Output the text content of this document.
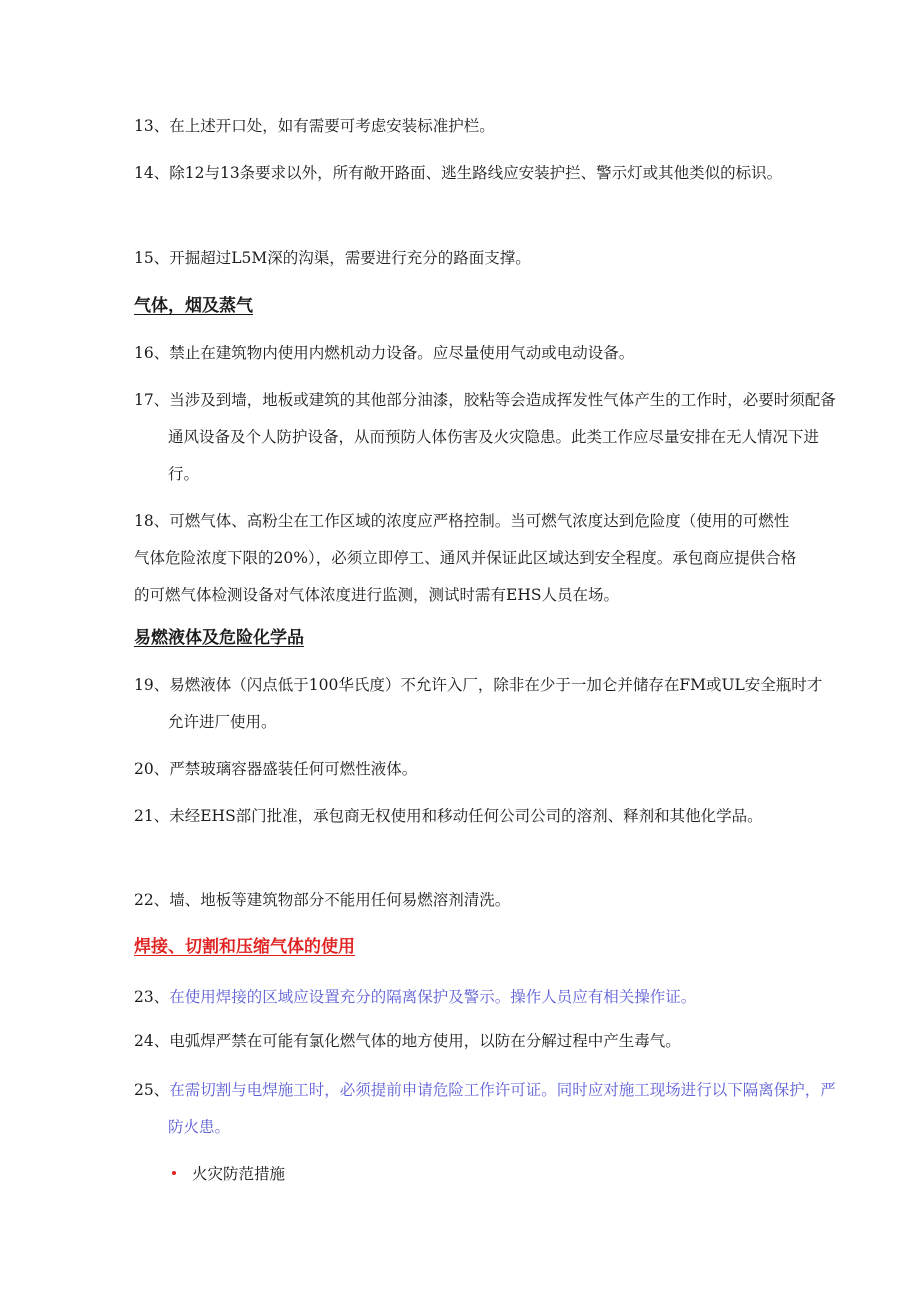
13、在上述开口处，如有需要可考虑安装标准护栏。

14、除12与13条要求以外，所有敞开路面、逃生路线应安装护拦、警示灯或其他类似的标识。

15、开掘超过L5M深的沟渠，需要进行充分的路面支撑。

气体，烟及蒸气

16、禁止在建筑物内使用内燃机动力设备。应尽量使用气动或电动设备。

17、当涉及到墙，地板或建筑的其他部分油漆，胶粘等会造成挥发性气体产生的工作时，必要时须配备通风设备及个人防护设备，从而预防人体伤害及火灾隐患。此类工作应尽量安排在无人情况下进行。

18、可燃气体、高粉尘在工作区域的浓度应严格控制。当可燃气浓度达到危险度（使用的可燃性气体危险浓度下限的20%），必须立即停工、通风并保证此区域达到安全程度。承包商应提供合格的可燃气体检测设备对气体浓度进行监测，测试时需有EHS人员在场。

易燃液体及危险化学品

19、易燃液体（闪点低于100华氏度）不允许入厂，除非在少于一加仑并储存在FM或UL安全瓶时才允许进厂使用。

20、严禁玻璃容器盛装任何可燃性液体。

21、未经EHS部门批准，承包商无权使用和移动任何公司公司的溶剂、释剂和其他化学品。

22、墙、地板等建筑物部分不能用任何易燃溶剂清洗。

焊接、切割和压缩气体的使用

23、在使用焊接的区域应设置充分的隔离保护及警示。操作人员应有相关操作证。

24、电弧焊严禁在可能有氯化燃气体的地方使用，以防在分解过程中产生毒气。

25、在需切割与电焊施工时，必须提前申请危险工作许可证。同时应对施工现场进行以下隔离保护，严防火患。

火灾防范措施
